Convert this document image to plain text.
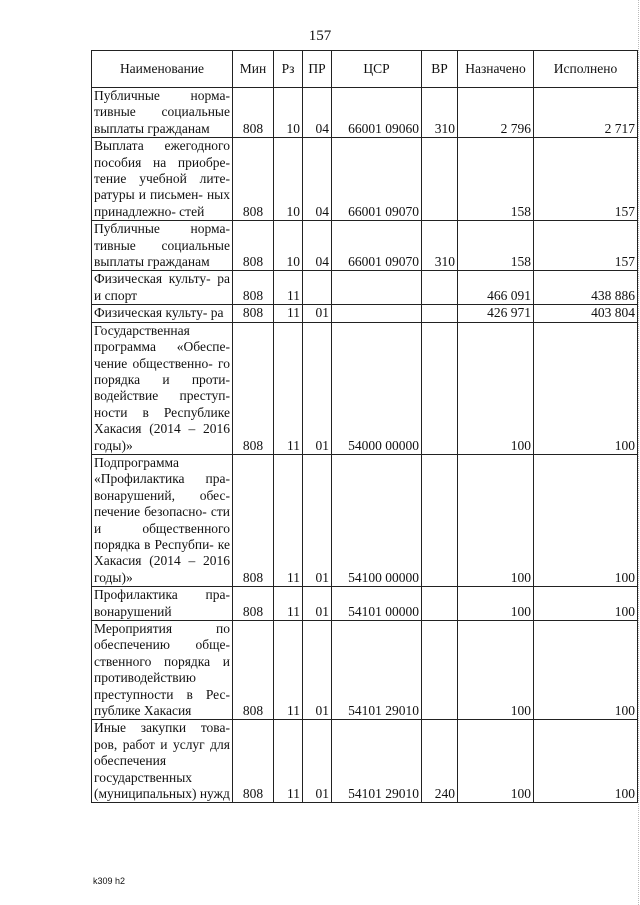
157
Наименование	Мин	Рз	ПР	ЦСР	ВР	Назначено	Исполнено
Публичные норма- тивные социальные выплаты гражданам	808	10	04	66001 09060	310	2 796	2 717
Выплата ежегодного пособия на приобре- тение учебной лите- ратуры и письмен- ных принадлежно- стей	808	10	04	66001 09070		158	157
Публичные норма- тивные социальные выплаты гражданам	808	10	04	66001 09070	310	158	157
Физическая культу- ра и спорт	808	11				466 091	438 886
Физическая культу- ра	808	11	01			426 971	403 804
Государственная программа «Обеспе- чение общественно- го порядка и проти- водействие преступ- ности в Республике Хакасия (2014 – 2016 годы)»	808	11	01	54000 00000		100	100
Подпрограмма «Профилактика пра- вонарушений, обес- печение безопасно- сти и общественного порядка в Респубпи- ке Хакасия (2014 – 2016 годы)»	808	11	01	54100 00000		100	100
Профилактика пра- вонарушений	808	11	01	54101 00000		100	100
Мероприятия по обеспечению обще- ственного порядка и противодействию преступности в Рес- публике Хакасия	808	11	01	54101 29010		100	100
Иные закупки това- ров, работ и услуг для обеспечения государственных (муниципальных) нужд	808	11	01	54101 29010	240	100	100
k309 h2
